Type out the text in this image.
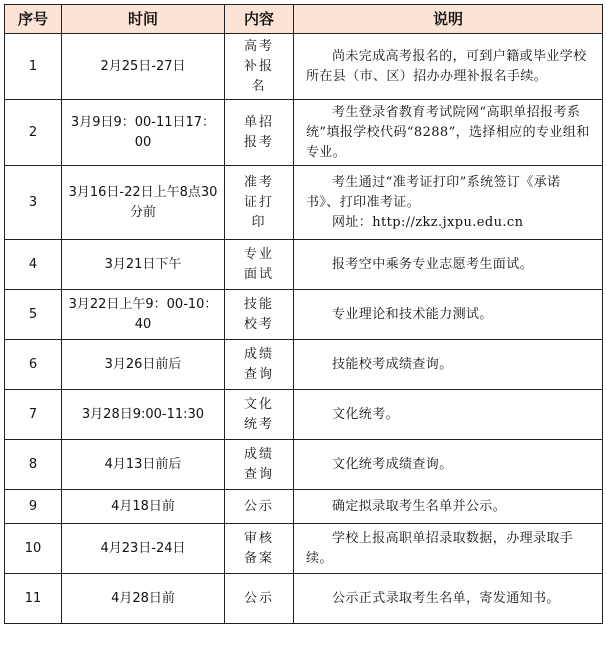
序号	时间	内容	说明
1	2月25日-27日	高考补报名	尚未完成高考报名的，可到户籍或毕业学校所在县（市、区）招办办理补报名手续。

2	3月9日9：00-11日17：00	单招报考	考生登录省教育考试院网“高职单招报考系统”填报学校代码“8288”，选择相应的专业组和专业。

3	3月16日-22日上午8点30分前	准考证打印	考生通过“准考证打印”系统签订《承诺书》、打印准考证。
网址：http://zkz.jxpu.edu.cn

4	3月21日下午	专业面试	报考空中乘务专业志愿考生面试。

5	3月22日上午9：00-10：40	技能校考	专业理论和技术能力测试。

6	3月26日前后	成绩查询	技能校考成绩查询。

7	3月28日9:00-11:30	文化统考	文化统考。

8	4月13日前后	成绩查询	文化统考成绩查询。

9	4月18日前	公示	确定拟录取考生名单并公示。

10	4月23日-24日	审核备案	学校上报高职单招录取数据，办理录取手续。

11	4月28日前	公示	公示正式录取考生名单，寄发通知书。
